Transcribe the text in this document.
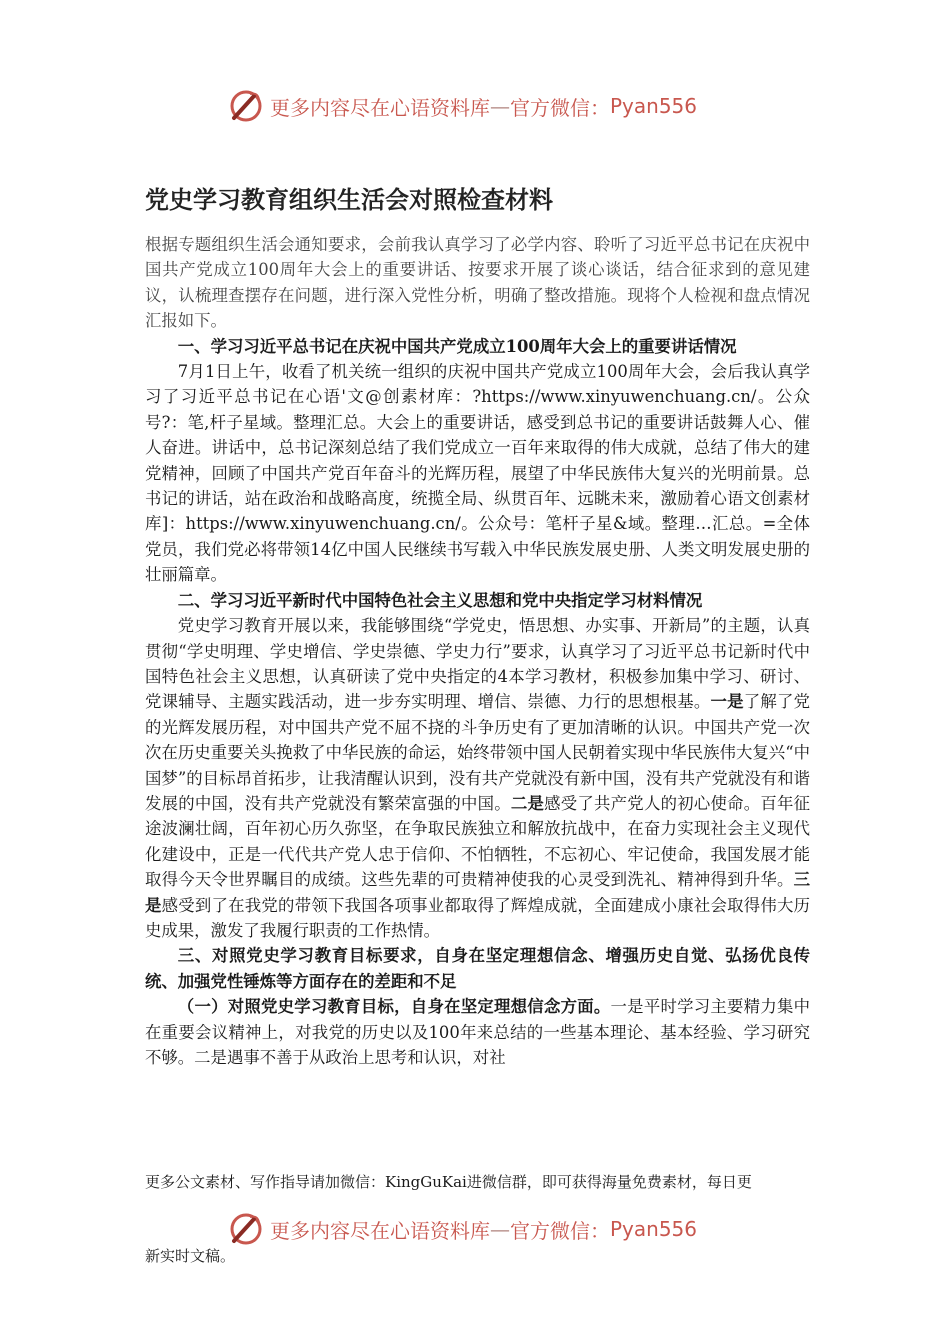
更多内容尽在心语资料库 — 官方微信： Pyan556
党史学习教育组织生活会对照检查材料

根据专题组织生活会通知要求，会前我认真学习了必学内容、聆听了习近平总书记在庆祝中国共产党成立100周年大会上的重要讲话、按要求开展了谈心谈话，结合征求到的意见建议，认梳理查摆存在问题，进行深入党性分析，明确了整改措施。现将个人检视和盘点情况汇报如下。

一、学习习近平总书记在庆祝中国共产党成立100周年大会上的重要讲话情况

7月1日上午，收看了机关统一组织的庆祝中国共产党成立100周年大会，会后我认真学习了习近平总书记在心语'文@创素材库：?https://www.xinyuwenchuang.cn/。公众号?：笔,杆子星域。整理汇总。大会上的重要讲话，感受到总书记的重要讲话鼓舞人心、催人奋进。讲话中，总书记深刻总结了我们党成立一百年来取得的伟大成就，总结了伟大的建党精神，回顾了中国共产党百年奋斗的光辉历程，展望了中华民族伟大复兴的光明前景。总书记的讲话，站在政治和战略高度，统揽全局、纵贯百年、远眺未来，激励着心语文创素材库]：https://www.xinyuwenchuang.cn/。公众号：笔杆子星&域。整理…汇总。=全体党员，我们党必将带领14亿中国人民继续书写载入中华民族发展史册、人类文明发展史册的壮丽篇章。

二、学习习近平新时代中国特色社会主义思想和党中央指定学习材料情况

党史学习教育开展以来，我能够围绕“学党史，悟思想、办实事、开新局”的主题，认真贯彻“学史明理、学史增信、学史崇德、学史力行”要求，认真学习了习近平总书记新时代中国特色社会主义思想，认真研读了党中央指定的4本学习教材，积极参加集中学习、研讨、党课辅导、主题实践活动，进一步夯实明理、增信、崇德、力行的思想根基。一是了解了党的光辉发展历程，对中国共产党不屈不挠的斗争历史有了更加清晰的认识。中国共产党一次次在历史重要关头挽救了中华民族的命运，始终带领中国人民朝着实现中华民族伟大复兴“中国梦”的目标昂首拓步，让我清醒认识到，没有共产党就没有新中国，没有共产党就没有和谐发展的中国，没有共产党就没有繁荣富强的中国。二是感受了共产党人的初心使命。百年征途波澜壮阔，百年初心历久弥坚，在争取民族独立和解放抗战中，在奋力实现社会主义现代化建设中，正是一代代共产党人忠于信仰、不怕牺牲，不忘初心、牢记使命，我国发展才能取得今天令世界瞩目的成绩。这些先辈的可贵精神使我的心灵受到洗礼、精神得到升华。三是感受到了在我党的带领下我国各项事业都取得了辉煌成就，全面建成小康社会取得伟大历史成果，激发了我履行职责的工作热情。

三、对照党史学习教育目标要求，自身在坚定理想信念、增强历史自觉、弘扬优良传统、加强党性锤炼等方面存在的差距和不足

（一）对照党史学习教育目标，自身在坚定理想信念方面。一是平时学习主要精力集中在重要会议精神上，对我党的历史以及100年来总结的一些基本理论、基本经验、学习研究不够。二是遇事不善于从政治上思考和认识，对社

更多公文素材、写作指导请加微信：KingGuKai进微信群，即可获得海量免费素材，每日更
更多内容尽在心语资料库 — 官方微信： Pyan556
新实时文稿。
